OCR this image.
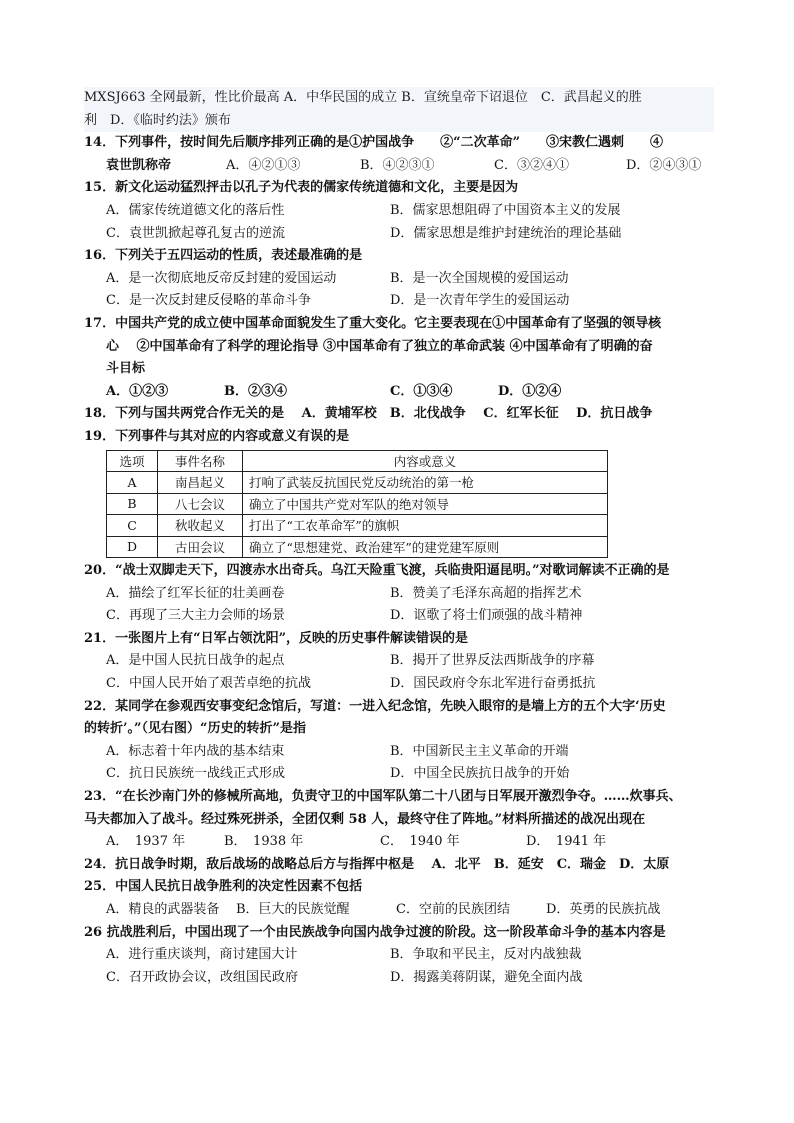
MXSJ663 全网最新，性比价最高 A．中华民国的成立 B．宣统皇帝下诏退位　C．武昌起义的胜
利　D．《临时约法》颁布
14．下列事件，按时间先后顺序排列正确的是①护国战争　　②“二次革命”　　③宋教仁遇刺　　④
袁世凯称帝	A．④②①③	B．④②③①	C．③②④①	D．②④③①
15．新文化运动猛烈抨击以孔子为代表的儒家传统道德和文化，主要是因为
A．儒家传统道德文化的落后性	B．儒家思想阻碍了中国资本主义的发展
C．袁世凯掀起尊孔复古的逆流	D．儒家思想是维护封建统治的理论基础
16．下列关于五四运动的性质，表述最准确的是
A．是一次彻底地反帝反封建的爱国运动	B．是一次全国规模的爱国运动
C．是一次反封建反侵略的革命斗争	D．是一次青年学生的爱国运动
17．中国共产党的成立使中国革命面貌发生了重大变化。它主要表现在①中国革命有了坚强的领导核
心　 ②中国革命有了科学的理论指导 ③中国革命有了独立的革命武装 ④中国革命有了明确的奋
斗目标
A．①②③	B．②③④	C．①③④	D．①②④
18．下列与国共两党合作无关的是　 A．黄埔军校　B．北伐战争　 C．红军长征　 D．抗日战争
19．下列事件与其对应的内容或意义有误的是
选项	事件名称	内容或意义
A	南昌起义	打响了武装反抗国民党反动统治的第一枪
B	八七会议	确立了中国共产党对军队的绝对领导
C	秋收起义	打出了“工农革命军”的旗帜
D	古田会议	确立了“思想建党、政治建军”的建党建军原则
20．“战士双脚走天下，四渡赤水出奇兵。乌江天险重飞渡，兵临贵阳逼昆明。”对歌词解读不正确的是
A．描绘了红军长征的壮美画卷	B．赞美了毛泽东高超的指挥艺术
C．再现了三大主力会师的场景	D．讴歌了将士们顽强的战斗精神
21．一张图片上有“日军占领沈阳”，反映的历史事件解读错误的是
A．是中国人民抗日战争的起点	B．揭开了世界反法西斯战争的序幕
C．中国人民开始了艰苦卓绝的抗战	D．国民政府令东北军进行奋勇抵抗
22．某同学在参观西安事变纪念馆后，写道：一进入纪念馆，先映入眼帘的是墙上方的五个大字‘历史
的转折’。”（见右图）“历史的转折”是指
A．标志着十年内战的基本结束	B．中国新民主主义革命的开端
C．抗日民族统一战线正式形成	D．中国全民族抗日战争的开始
23．“在长沙南门外的修械所高地，负责守卫的中国军队第二十八团与日军展开激烈争夺。……炊事兵、
马夫都加入了战斗。经过殊死拼杀，全团仅剩 58 人，最终守住了阵地。”材料所描述的战况出现在
A．　1937 年	B．　1938 年	C．　1940 年	D．　1941 年
24．抗日战争时期，敌后战场的战略总后方与指挥中枢是　 A．北平　B．延安　C．瑞金　D．太原
25．中国人民抗日战争胜利的决定性因素不包括
A．精良的武器装备 B．巨大的民族觉醒	C．空前的民族团结	D．英勇的民族抗战
26 抗战胜利后，中国出现了一个由民族战争向国内战争过渡的阶段。这一阶段革命斗争的基本内容是
A．进行重庆谈判，商讨建国大计	B．争取和平民主，反对内战独裁
C．召开政协会议，改组国民政府	D．揭露美蒋阴谋，避免全面内战
